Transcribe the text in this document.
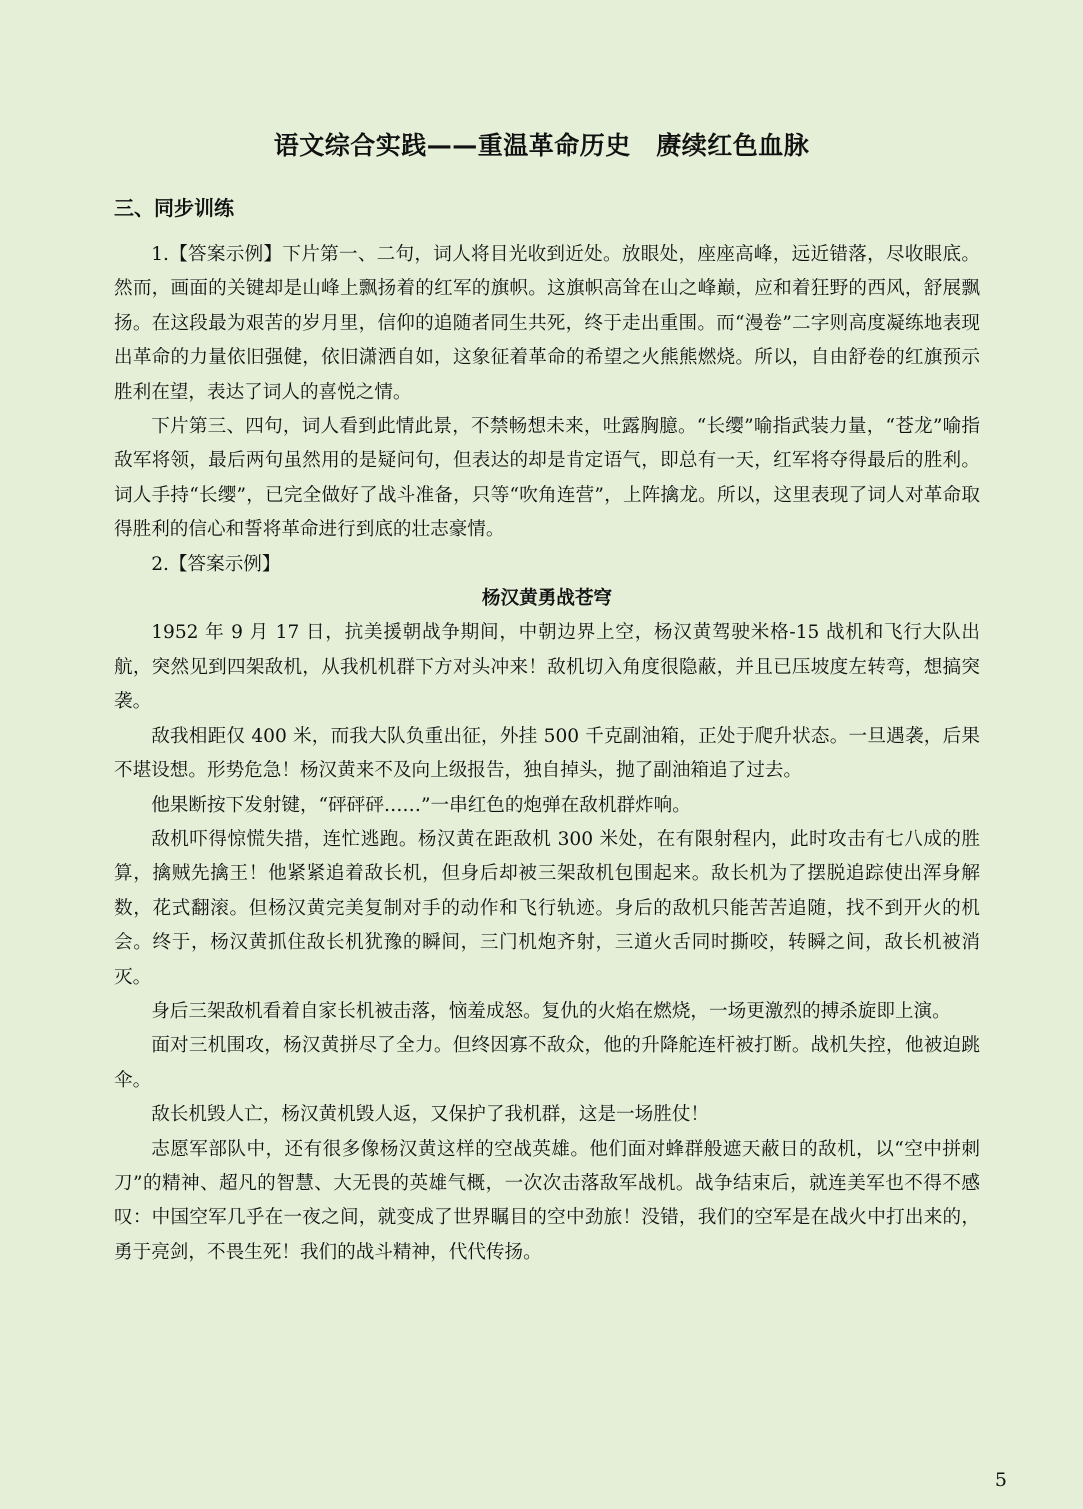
语文综合实践——重温革命历史　赓续红色血脉
三、同步训练

1.【答案示例】下片第一、二句，词人将目光收到近处。放眼处，座座高峰，远近错落，尽收眼底。然而，画面的关键却是山峰上飘扬着的红军的旗帜。这旗帜高耸在山之峰巅，应和着狂野的西风，舒展飘扬。在这段最为艰苦的岁月里，信仰的追随者同生共死，终于走出重围。而“漫卷”二字则高度凝练地表现出革命的力量依旧强健，依旧潇洒自如，这象征着革命的希望之火熊熊燃烧。所以，自由舒卷的红旗预示胜利在望，表达了词人的喜悦之情。

下片第三、四句，词人看到此情此景，不禁畅想未来，吐露胸臆。“长缨”喻指武装力量，“苍龙”喻指敌军将领，最后两句虽然用的是疑问句，但表达的却是肯定语气，即总有一天，红军将夺得最后的胜利。词人手持“长缨”，已完全做好了战斗准备，只等“吹角连营”，上阵擒龙。所以，这里表现了词人对革命取得胜利的信心和誓将革命进行到底的壮志豪情。

2.【答案示例】

杨汉黄勇战苍穹

1952 年 9 月 17 日，抗美援朝战争期间，中朝边界上空，杨汉黄驾驶米格-15 战机和飞行大队出航，突然见到四架敌机，从我机机群下方对头冲来！敌机切入角度很隐蔽，并且已压坡度左转弯，想搞突袭。

敌我相距仅 400 米，而我大队负重出征，外挂 500 千克副油箱，正处于爬升状态。一旦遇袭，后果不堪设想。形势危急！杨汉黄来不及向上级报告，独自掉头，抛了副油箱追了过去。

他果断按下发射键，“砰砰砰……”一串红色的炮弹在敌机群炸响。

敌机吓得惊慌失措，连忙逃跑。杨汉黄在距敌机 300 米处，在有限射程内，此时攻击有七八成的胜算，擒贼先擒王！他紧紧追着敌长机，但身后却被三架敌机包围起来。敌长机为了摆脱追踪使出浑身解数，花式翻滚。但杨汉黄完美复制对手的动作和飞行轨迹。身后的敌机只能苦苦追随，找不到开火的机会。终于，杨汉黄抓住敌长机犹豫的瞬间，三门机炮齐射，三道火舌同时撕咬，转瞬之间，敌长机被消灭。

身后三架敌机看着自家长机被击落，恼羞成怒。复仇的火焰在燃烧，一场更激烈的搏杀旋即上演。

面对三机围攻，杨汉黄拼尽了全力。但终因寡不敌众，他的升降舵连杆被打断。战机失控，他被迫跳伞。

敌长机毁人亡，杨汉黄机毁人返，又保护了我机群，这是一场胜仗！

志愿军部队中，还有很多像杨汉黄这样的空战英雄。他们面对蜂群般遮天蔽日的敌机，以“空中拼刺刀”的精神、超凡的智慧、大无畏的英雄气概，一次次击落敌军战机。战争结束后，就连美军也不得不感叹：中国空军几乎在一夜之间，就变成了世界瞩目的空中劲旅！没错，我们的空军是在战火中打出来的，勇于亮剑，不畏生死！我们的战斗精神，代代传扬。

5
